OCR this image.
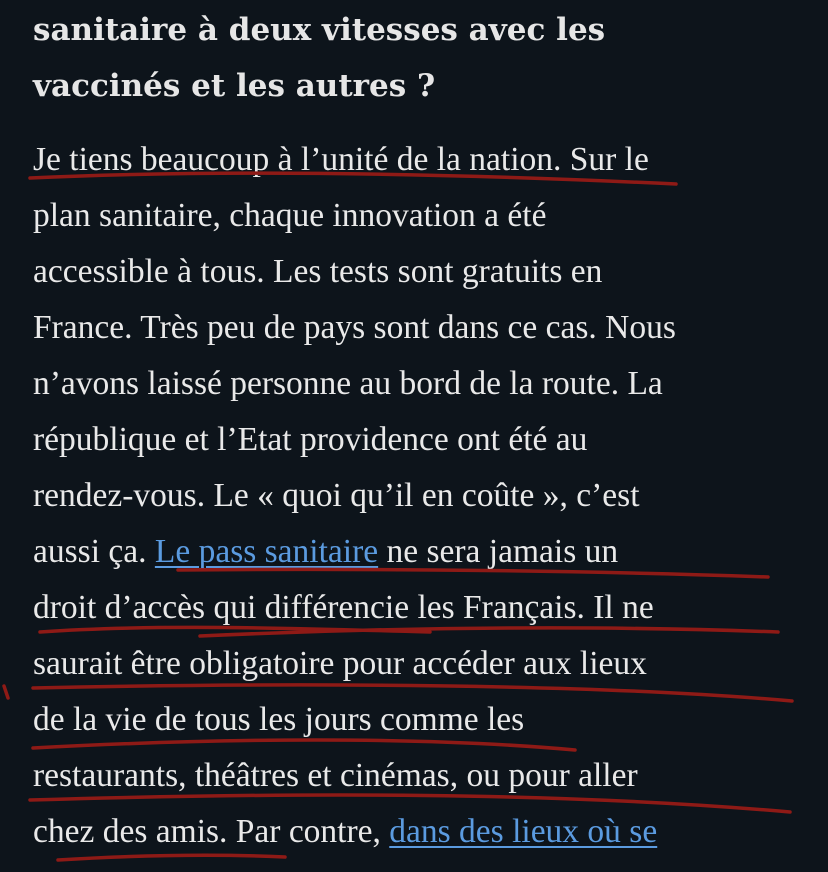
sanitaire à deux vitesses avec les
vaccinés et les autres ?

Je tiens beaucoup à l’unité de la nation. Sur le

plan sanitaire, chaque innovation a été

accessible à tous. Les tests sont gratuits en

France. Très peu de pays sont dans ce cas. Nous

n’avons laissé personne au bord de la route. La

république et l’Etat providence ont été au

rendez-vous. Le « quoi qu’il en coûte », c’est

aussi ça. Le pass sanitaire ne sera jamais un

droit d’accès qui différencie les Français. Il ne

saurait être obligatoire pour accéder aux lieux

de la vie de tous les jours comme les

restaurants, théâtres et cinémas, ou pour aller

chez des amis. Par contre, dans des lieux où se
